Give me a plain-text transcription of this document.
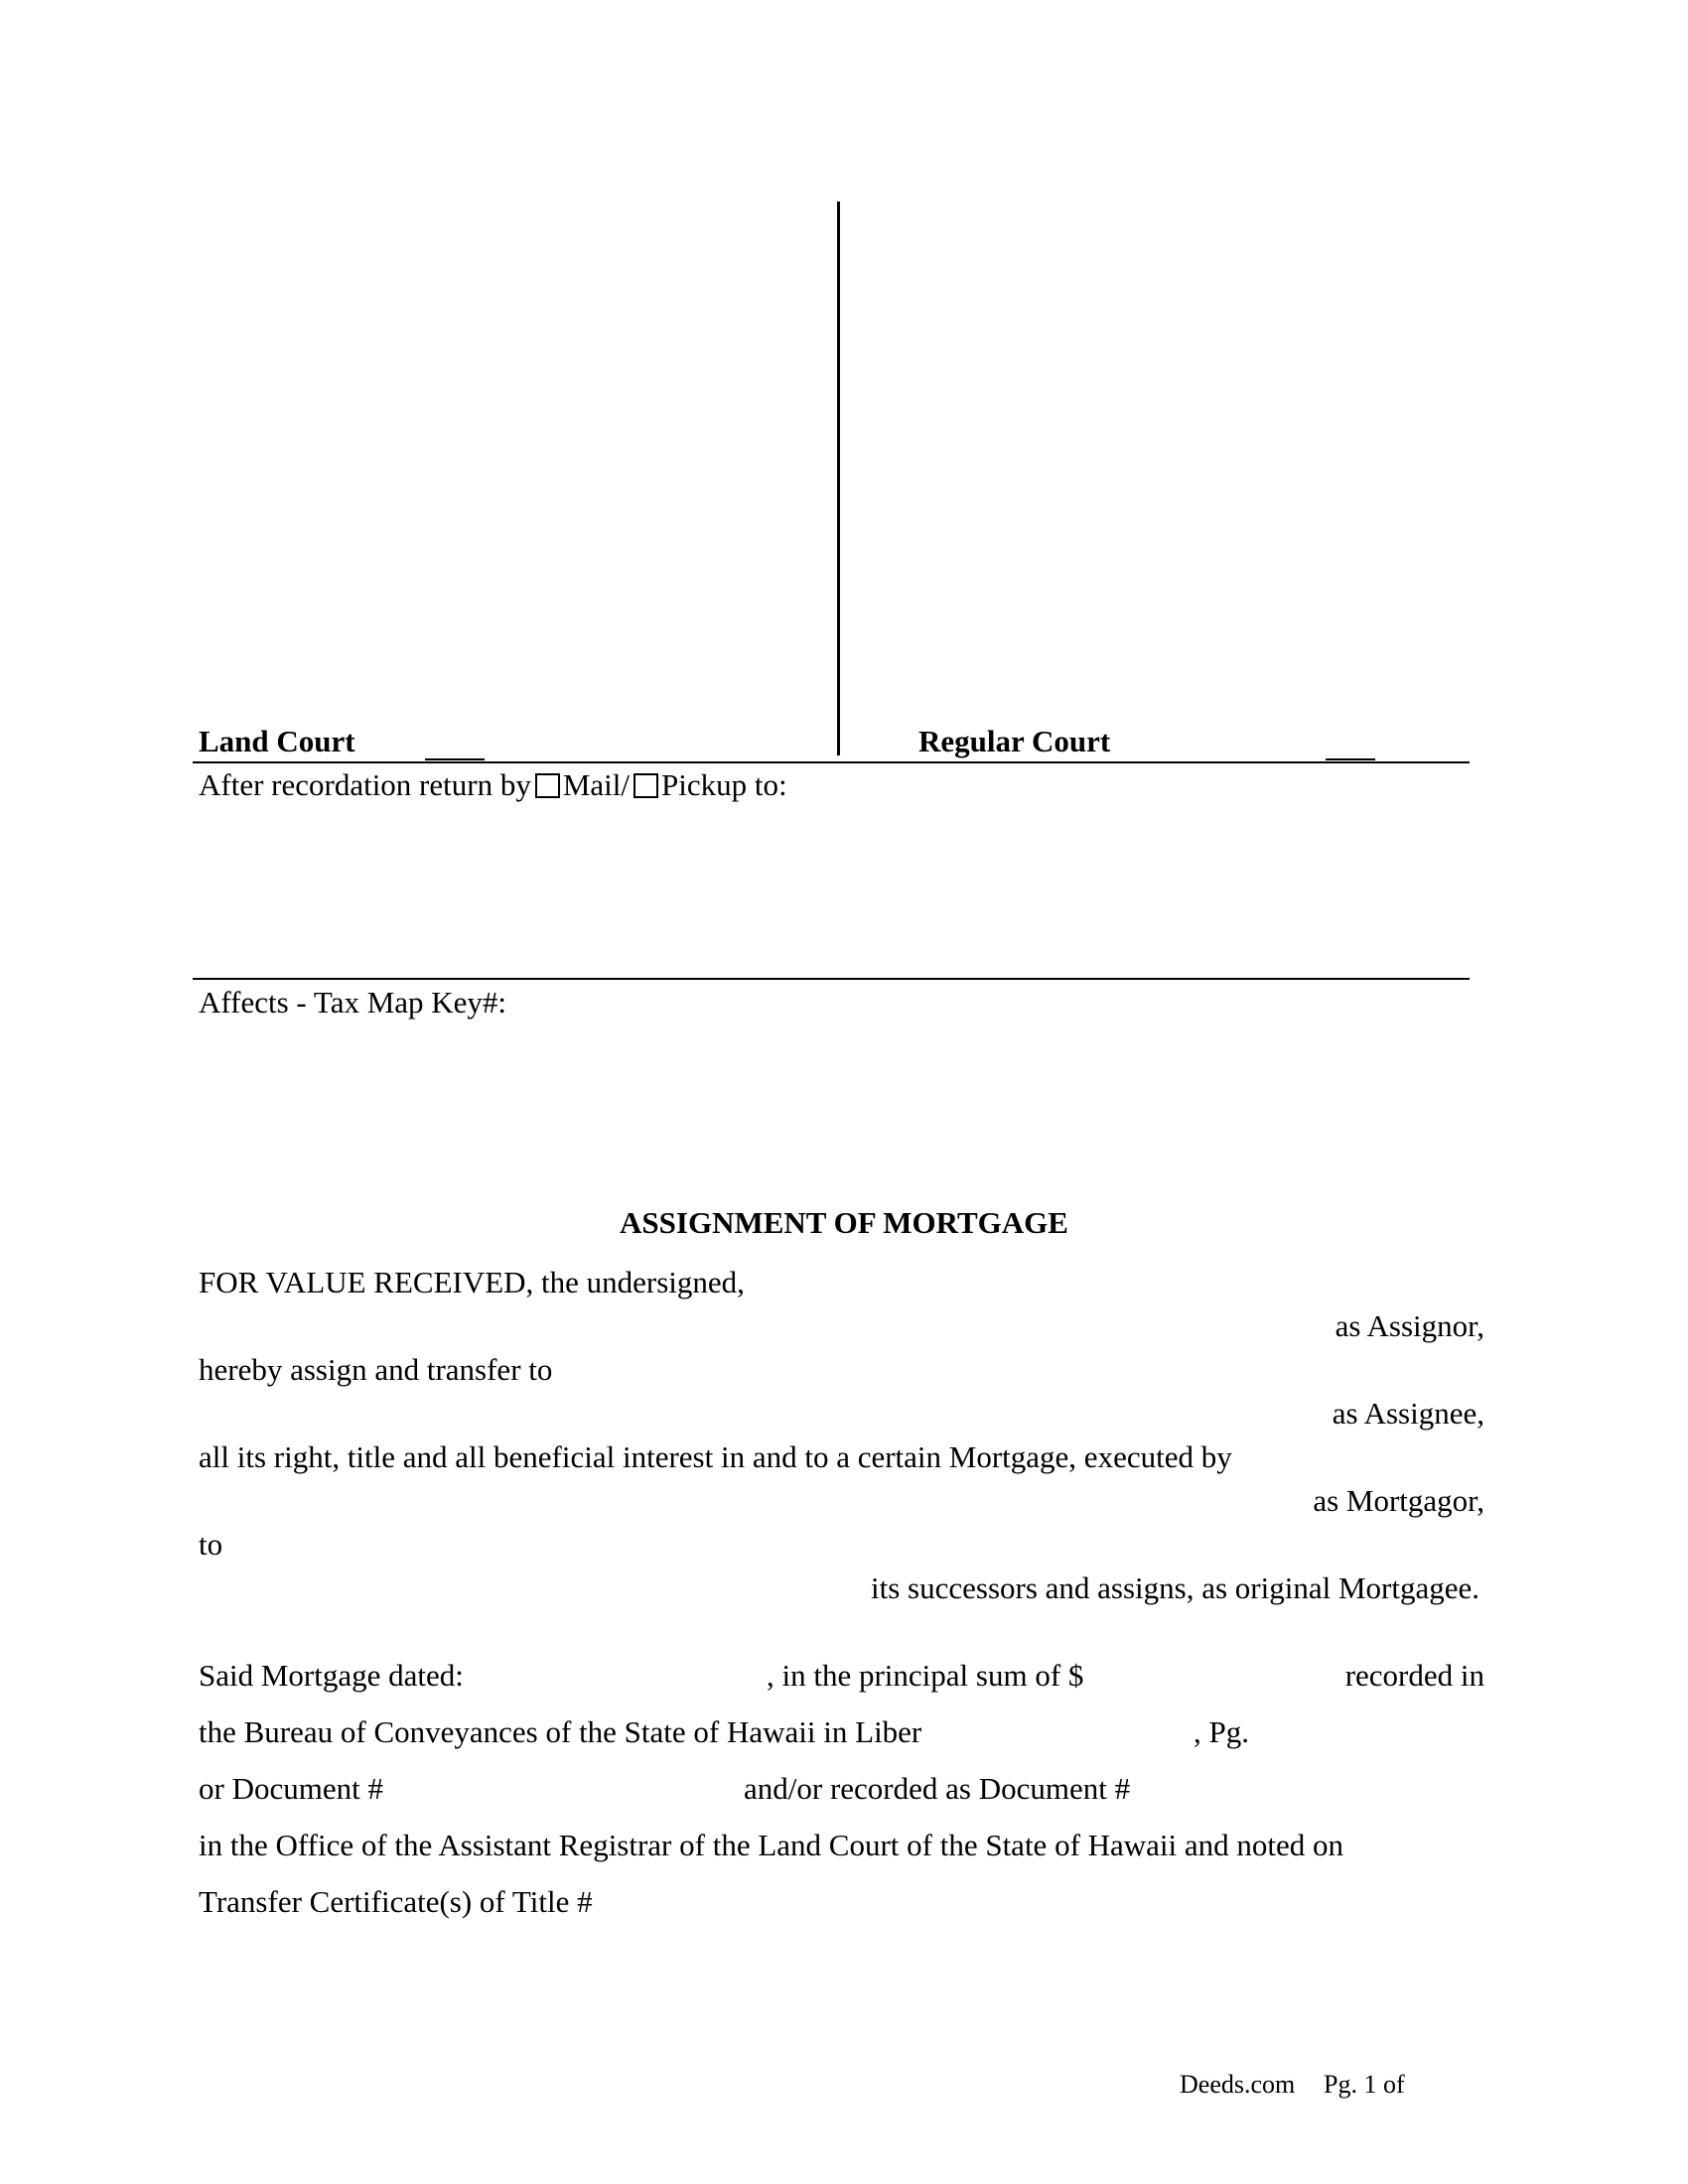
Land Court	Regular Court
After recordation return by Mail/ Pickup to:
Affects - Tax Map Key#:
ASSIGNMENT OF MORTGAGE
FOR VALUE RECEIVED, the undersigned,
as Assignor,
hereby assign and transfer to
as Assignee,
all its right, title and all beneficial interest in and to a certain Mortgage, executed by
as Mortgagor,
to
its successors and assigns, as original Mortgagee.
Said Mortgage dated:	, in the principal sum of $	recorded in
the Bureau of Conveyances of the State of Hawaii in Liber	, Pg.
or Document #	and/or recorded as Document #
in the Office of the Assistant Registrar of the Land Court of the State of Hawaii and noted on
Transfer Certificate(s) of Title #
Deeds.com Pg. 1 of
